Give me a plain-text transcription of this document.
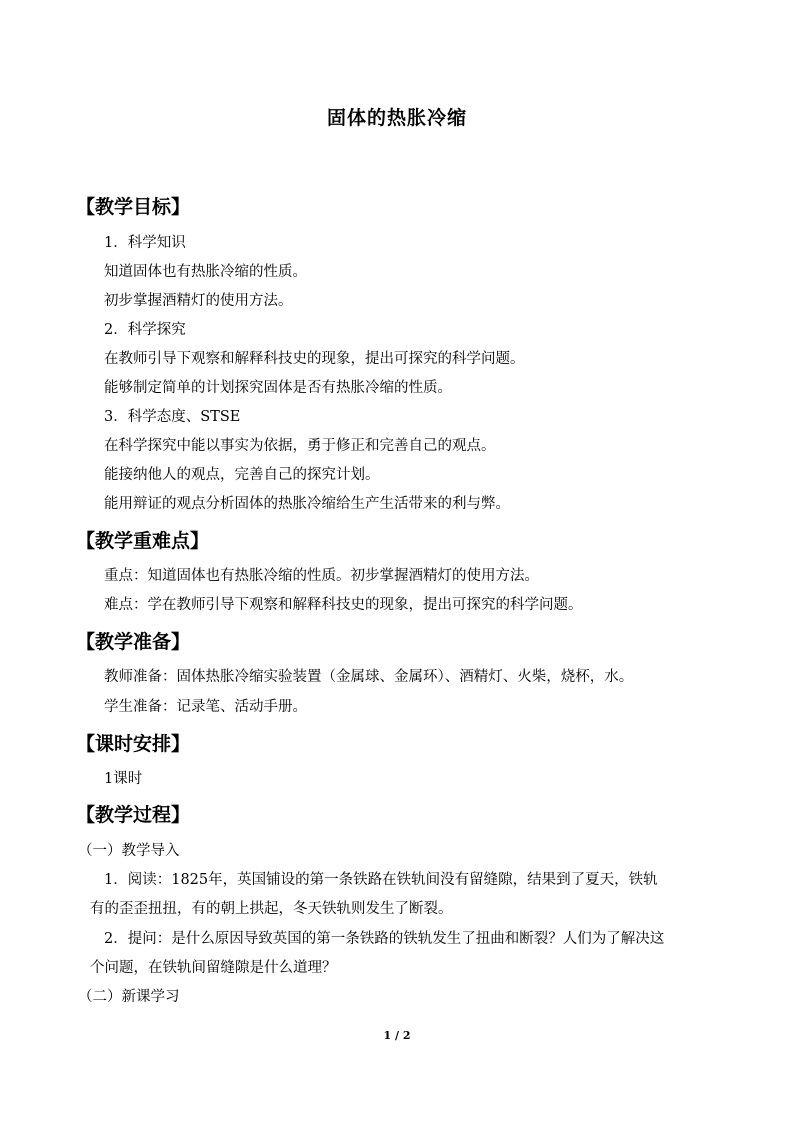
固体的热胀冷缩
【教学目标】
1．科学知识
知道固体也有热胀冷缩的性质。
初步掌握酒精灯的使用方法。
2．科学探究
在教师引导下观察和解释科技史的现象，提出可探究的科学问题。
能够制定简单的计划探究固体是否有热胀冷缩的性质。
3．科学态度、STSE
在科学探究中能以事实为依据，勇于修正和完善自己的观点。
能接纳他人的观点，完善自己的探究计划。
能用辩证的观点分析固体的热胀冷缩给生产生活带来的利与弊。
【教学重难点】
重点：知道固体也有热胀冷缩的性质。初步掌握酒精灯的使用方法。
难点：学在教师引导下观察和解释科技史的现象，提出可探究的科学问题。
【教学准备】
教师准备：固体热胀冷缩实验装置（金属球、金属环）、酒精灯、火柴，烧杯，水。
学生准备：记录笔、活动手册。
【课时安排】
1课时
【教学过程】
（一）教学导入
1．阅读：1825年，英国铺设的第一条铁路在铁轨间没有留缝隙，结果到了夏天，铁轨
有的歪歪扭扭，有的朝上拱起，冬天铁轨则发生了断裂。
2．提问：是什么原因导致英国的第一条铁路的铁轨发生了扭曲和断裂？人们为了解决这
个问题，在铁轨间留缝隙是什么道理？
（二）新课学习
1 / 2
